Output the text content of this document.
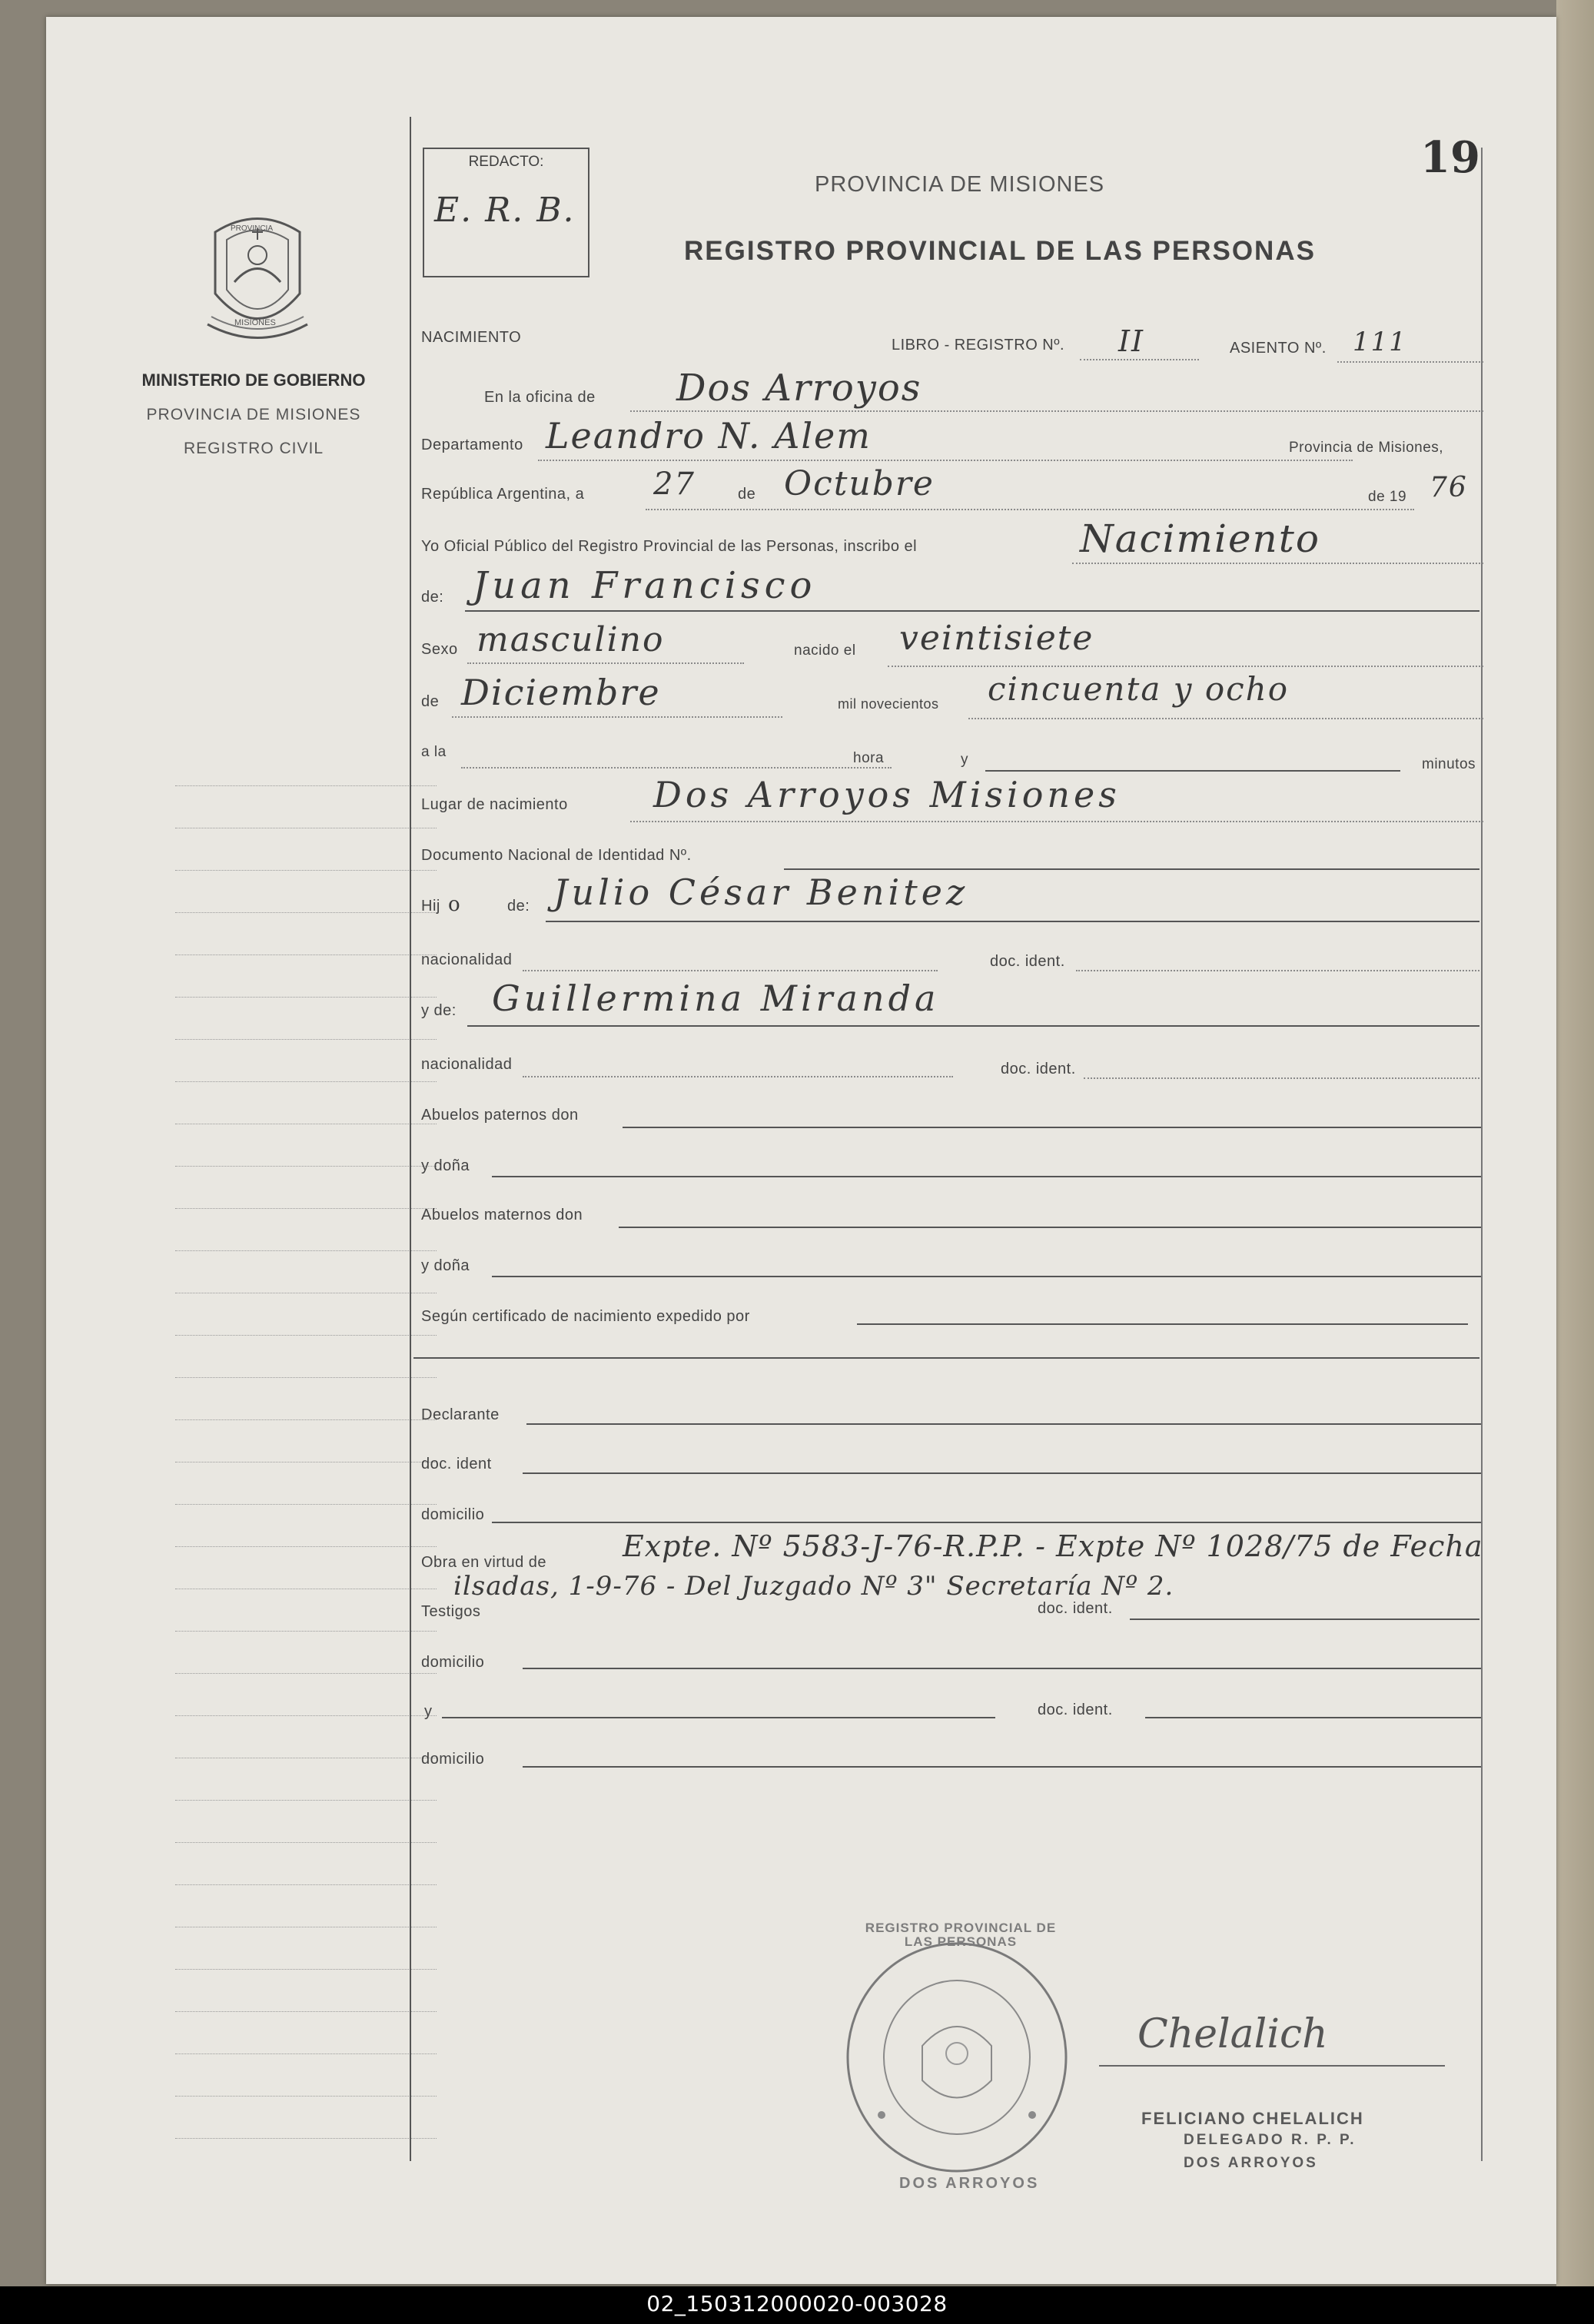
PROVINCIA
MISIONES
MINISTERIO DE GOBIERNO
PROVINCIA DE MISIONES
REGISTRO CIVIL
REDACTO:
E. R. B.
19
PROVINCIA DE MISIONES
REGISTRO PROVINCIAL DE LAS PERSONAS
NACIMIENTO	LIBRO - REGISTRO Nº. II	ASIENTO Nº. 111
En la oficina de Dos Arroyos
Departamento Leandro N. Alem	Provincia de Misiones,
República Argentina, a 27	de Octubre	de 19 76
Yo Oficial Público del Registro Provincial de las Personas, inscribo el	Nacimiento
de: Juan Francisco
Sexo masculino	nacido el veintisiete
de Diciembre	mil novecientos cincuenta y ocho
a la	hora	y	minutos
Lugar de nacimiento Dos Arroyos Misiones
Documento Nacional de Identidad Nº.
Hij o	de: Julio César Benitez
nacionalidad	doc. ident.
y de: Guillermina Miranda
nacionalidad	doc. ident.
Abuelos paternos don
y doña
Abuelos maternos don
y doña
Según certificado de nacimiento expedido por
Declarante
doc. ident
domicilio
Obra en virtud de	Expte. Nº 5583-J-76-R.P.P. - Expte Nº 1028/75 de Fecha
ilsadas, 1-9-76 - Del Juzgado Nº 3" Secretaría Nº 2.
Testigos	doc. ident.
domicilio
y	doc. ident.
domicilio
REGISTRO PROVINCIAL DE LAS PERSONAS
DOS ARROYOS
Chelalich
FELICIANO CHELALICH
DELEGADO R. P. P.
DOS ARROYOS
02_150312000020-003028
